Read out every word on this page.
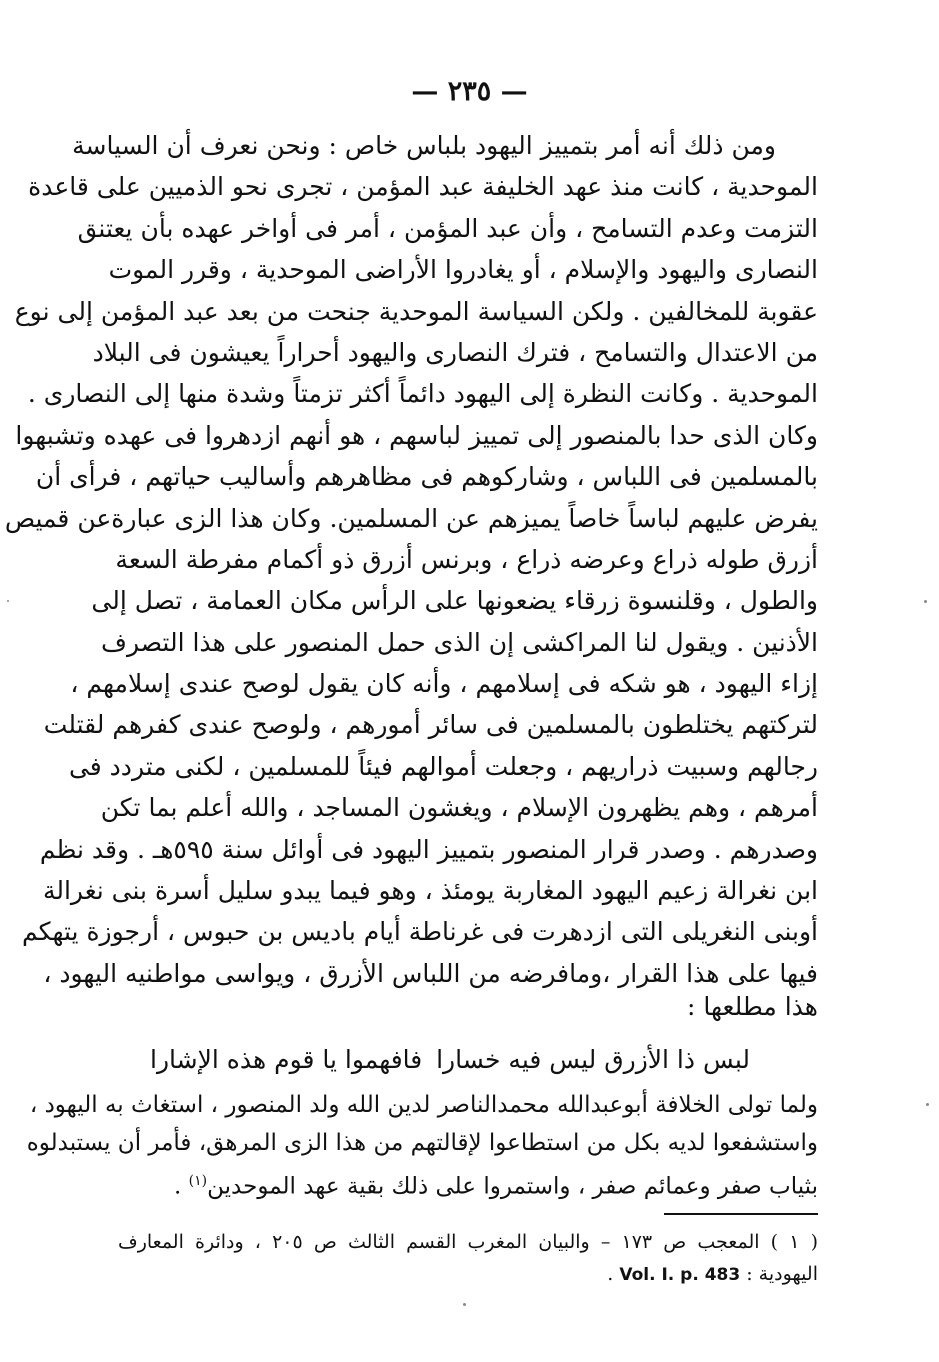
— ٢٣٥ —
ومن ذلك أنه أمر بتمييز اليهود بلباس خاص : ونحن نعرف أن السياسة
الموحدية ، كانت منذ عهد الخليفة عبد المؤمن ، تجرى نحو الذميين على قاعدة
التزمت وعدم التسامح ، وأن عبد المؤمن ، أمر فى أواخر عهده بأن يعتنق
النصارى واليهود والإسلام ، أو يغادروا الأراضى الموحدية ، وقرر الموت
عقوبة للمخالفين . ولكن السياسة الموحدية جنحت من بعد عبد المؤمن إلى نوع
من الاعتدال والتسامح ، فترك النصارى واليهود أحراراً يعيشون فى البلاد
الموحدية . وكانت النظرة إلى اليهود دائماً أكثر تزمتاً وشدة منها إلى النصارى .
وكان الذى حدا بالمنصور إلى تمييز لباسهم ، هو أنهم ازدهروا فى عهده وتشبهوا
بالمسلمين فى اللباس ، وشاركوهم فى مظاهرهم وأساليب حياتهم ، فرأى أن
يفرض عليهم لباساً خاصاً يميزهم عن المسلمين. وكان هذا الزى عبارةعن قميص
أزرق طوله ذراع وعرضه ذراع ، وبرنس أزرق ذو أكمام مفرطة السعة
والطول ، وقلنسوة زرقاء يضعونها على الرأس مكان العمامة ، تصل إلى
الأذنين . ويقول لنا المراكشى إن الذى حمل المنصور على هذا التصرف
إزاء اليهود ، هو شكه فى إسلامهم ، وأنه كان يقول لوصح عندى إسلامهم ،
لتركتهم يختلطون بالمسلمين فى سائر أمورهم ، ولوصح عندى كفرهم لقتلت
رجالهم وسبيت ذراريهم ، وجعلت أموالهم فيئاً للمسلمين ، لكنى متردد فى
أمرهم ، وهم يظهرون الإسلام ، ويغشون المساجد ، والله أعلم بما تكن
وصدرهم . وصدر قرار المنصور بتمييز اليهود فى أوائل سنة ٥٩٥هـ . وقد نظم
ابن نغرالة زعيم اليهود المغاربة يومئذ ، وهو فيما يبدو سليل أسرة بنى نغرالة
أوبنى النغريلى التى ازدهرت فى غرناطة أيام باديس بن حبوس ، أرجوزة يتهكم
فيها على هذا القرار ،ومافرضه من اللباس الأزرق ، ويواسى مواطنيه اليهود ،
هذا مطلعها :
لبس ذا الأزرق ليس فيه خسارا
فافهموا يا قوم هذه الإشارا
ولما تولى الخلافة أبوعبدالله محمدالناصر لدين الله ولد المنصور ، استغاث به اليهود ،
واستشفعوا لديه بكل من استطاعوا لإقالتهم من هذا الزى المرهق، فأمر أن يستبدلوه
بثياب صفر وعمائم صفر ، واستمروا على ذلك بقية عهد الموحدين$^{(١)}$ .
( ١ ) المعجب ص ١٧٣ – والبيان المغرب القسم الثالث ص ٢٠٥ ، ودائرة المعارف
اليهودية : Vol. I. p. 483 .
